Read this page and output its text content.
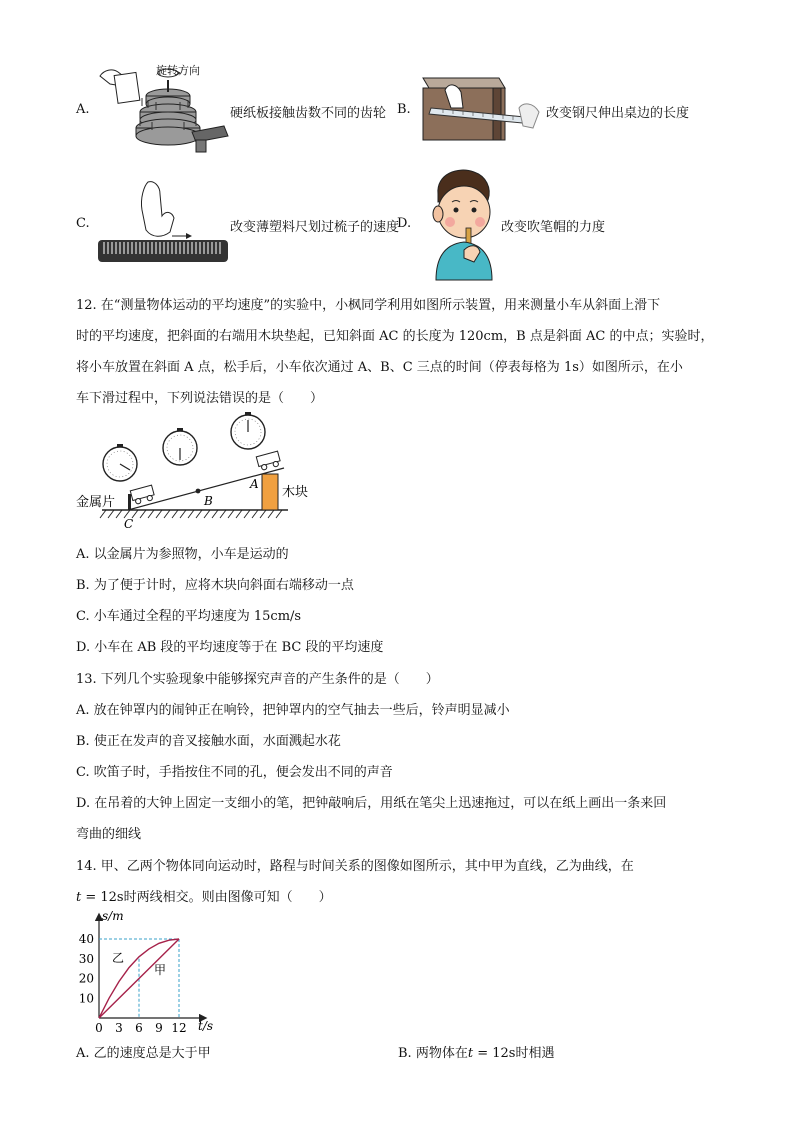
A.
旋转方向
硬纸板接触齿数不同的齿轮 B.	改变钢尺伸出桌边的长度
C.	改变薄塑料尺划过梳子的速度
D.	改变吹笔帽的力度
12. 在“测量物体运动的平均速度”的实验中，小枫同学利用如图所示装置，用来测量小车从斜面上滑下
时的平均速度，把斜面的右端用木块垫起，已知斜面 AC 的长度为 120cm，B 点是斜面 AC 的中点；实验时，
将小车放置在斜面 A 点，松手后，小车依次通过 A、B、C 三点的时间（停表每格为 1s）如图所示，在小
车下滑过程中，下列说法错误的是（　　）
金属片
木块
A
B
C
A. 以金属片为参照物，小车是运动的
B. 为了便于计时，应将木块向斜面右端移动一点
C. 小车通过全程的平均速度为 15cm/s
D. 小车在 AB 段的平均速度等于在 BC 段的平均速度
13. 下列几个实验现象中能够探究声音的产生条件的是（　　）
A. 放在钟罩内的闹钟正在响铃，把钟罩内的空气抽去一些后，铃声明显减小
B. 使正在发声的音叉接触水面，水面溅起水花
C. 吹笛子时，手指按住不同的孔，便会发出不同的声音
D. 在吊着的大钟上固定一支细小的笔，把钟敲响后，用纸在笔尖上迅速拖过，可以在纸上画出一条来回
弯曲的细线
14. 甲、乙两个物体同向运动时，路程与时间关系的图像如图所示，其中甲为直线，乙为曲线，在
t = 12s时两线相交。则由图像可知（　　）
0 3 6 9 12
10
20
30
40
s/m
t/s
乙
甲
A. 乙的速度总是大于甲	B. 两物体在t = 12s时相遇
